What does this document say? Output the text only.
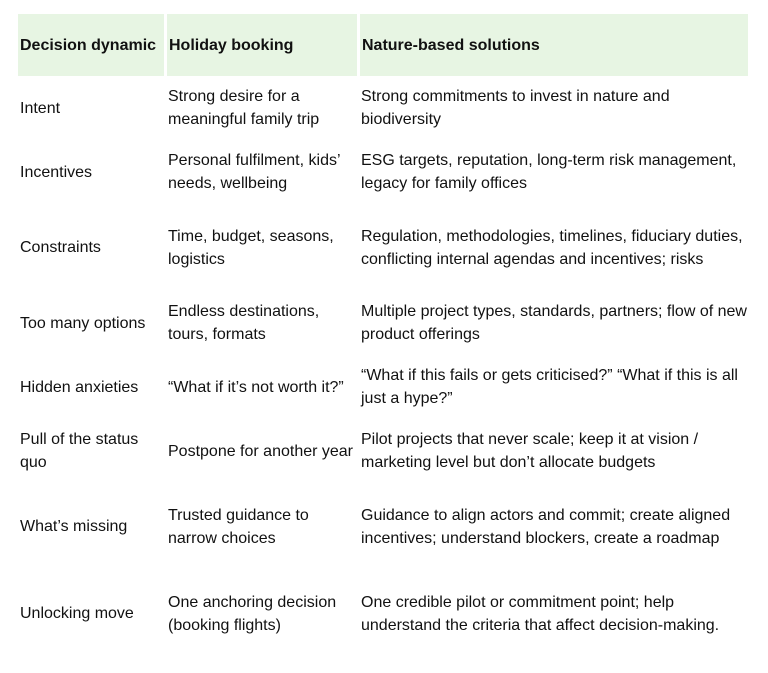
Decision dynamic Holiday booking	Nature-based solutions
Intent
Strong desire for a meaningful family trip
Strong commitments to invest in nature and biodiversity
Incentives
Personal fulfilment, kids’ needs, wellbeing
ESG targets, reputation, long-term risk management, legacy for family offices
Constraints
Time, budget, seasons, logistics
Regulation, methodologies, timelines, fiduciary duties, conflicting internal agendas and incentives; risks
Too many options
Endless destinations, tours, formats
Multiple project types, standards, partners; flow of new product offerings
Hidden anxieties	“What if it’s not worth it?”
“What if this fails or gets criticised?” “What if this is all just a hype?”
Pull of the status quo
Postpone for another year
Pilot projects that never scale; keep it at vision / marketing level but don’t allocate budgets
What’s missing
Trusted guidance to narrow choices
Guidance to align actors and commit; create aligned incentives; understand blockers, create a roadmap
Unlocking move
One anchoring decision (booking flights)
One credible pilot or commitment point; help understand the criteria that affect decision-making.
